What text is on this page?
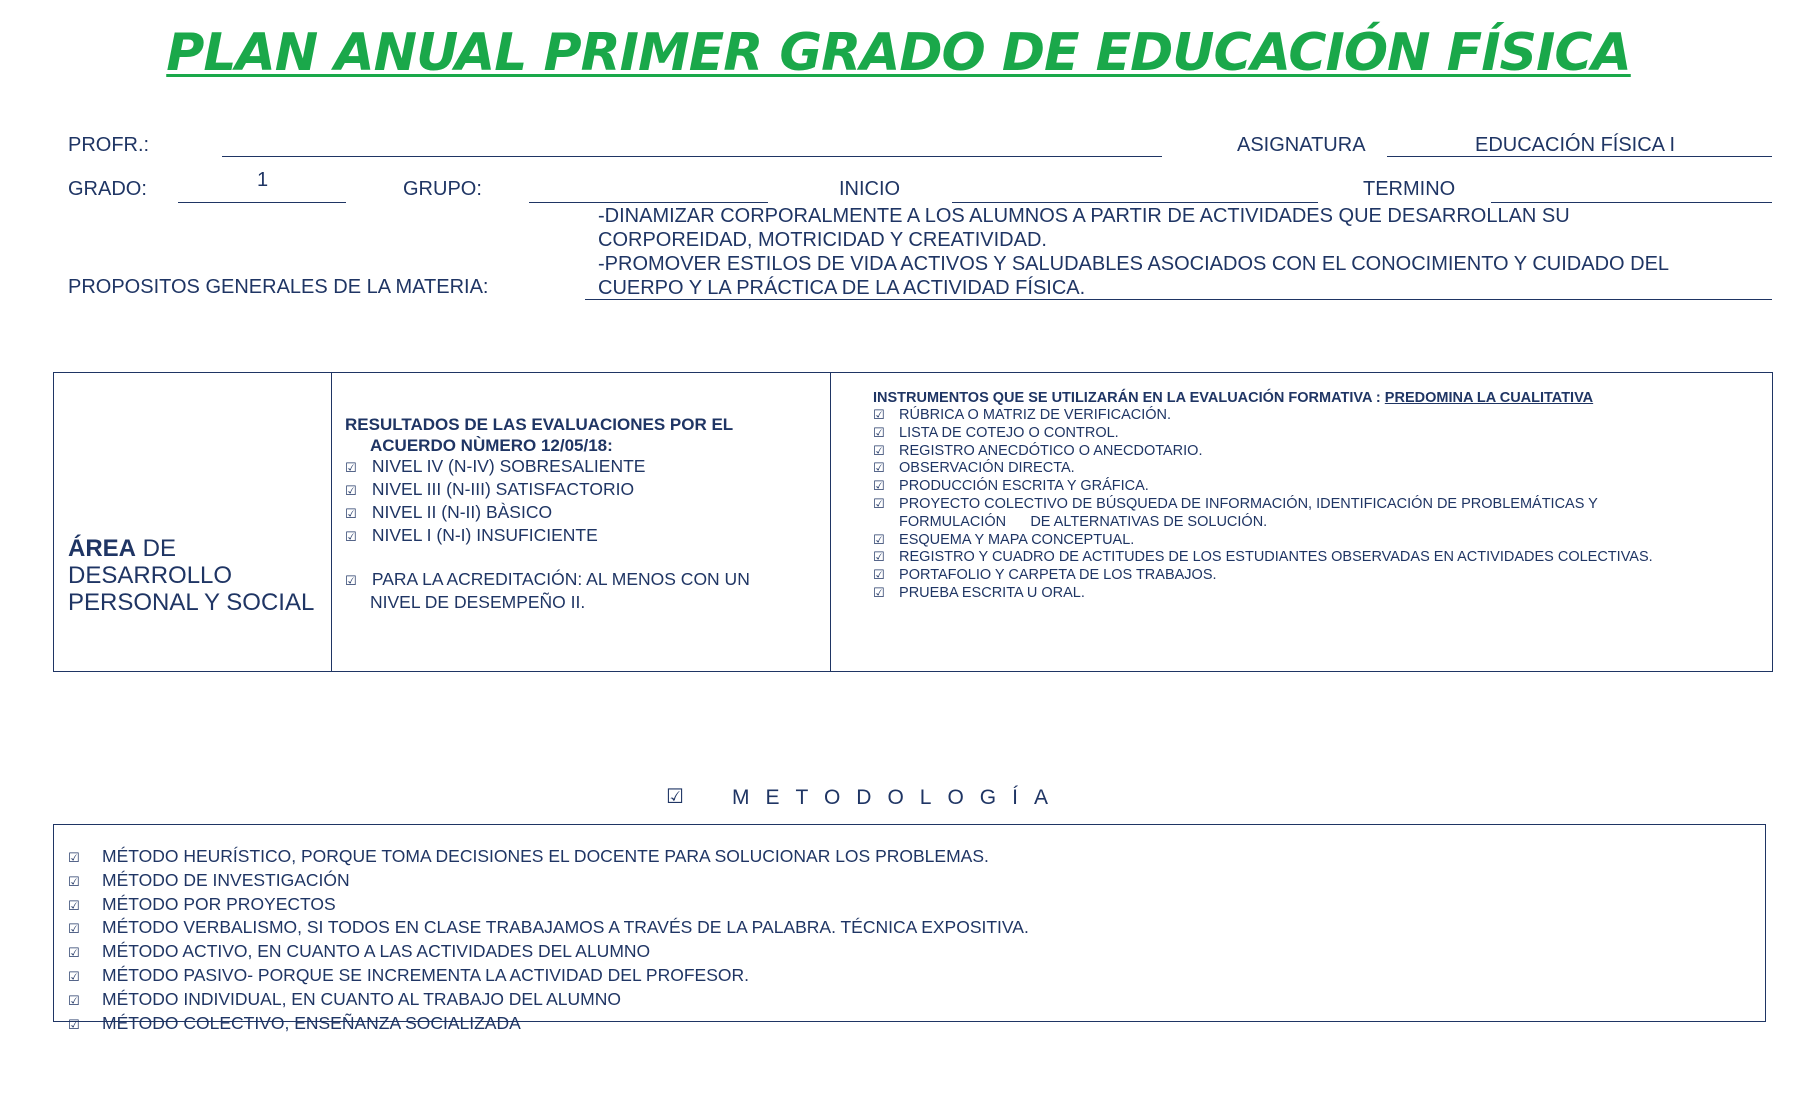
PLAN ANUAL PRIMER GRADO DE EDUCACIÓN FÍSICA
PROFR.:	ASIGNATURA	EDUCACIÓN FÍSICA I
GRADO:	1	GRUPO:	INICIO	TERMINO
PROPOSITOS GENERALES DE LA MATERIA:
-DINAMIZAR CORPORALMENTE A LOS ALUMNOS A PARTIR DE ACTIVIDADES QUE DESARROLLAN SU
CORPOREIDAD, MOTRICIDAD Y CREATIVIDAD.
-PROMOVER ESTILOS DE VIDA ACTIVOS Y SALUDABLES ASOCIADOS CON EL CONOCIMIENTO Y CUIDADO DEL
CUERPO Y LA PRÁCTICA DE LA ACTIVIDAD FÍSICA.
ÁREA DE
DESARROLLO
PERSONAL Y SOCIAL
RESULTADOS DE LAS EVALUACIONES POR EL
ACUERDO NÙMERO 12/05/18:
☑ NIVEL IV (N-IV) SOBRESALIENTE
☑ NIVEL III (N-III) SATISFACTORIO
☑ NIVEL II (N-II) BÀSICO
☑ NIVEL I (N-I) INSUFICIENTE
☑ PARA LA ACREDITACIÓN: AL MENOS CON UN
NIVEL DE DESEMPEÑO II.
INSTRUMENTOS QUE SE UTILIZARÁN EN LA EVALUACIÓN FORMATIVA : PREDOMINA LA CUALITATIVA
☑ RÚBRICA O MATRIZ DE VERIFICACIÓN.
☑ LISTA DE COTEJO O CONTROL.
☑ REGISTRO ANECDÓTICO O ANECDOTARIO.
☑ OBSERVACIÓN DIRECTA.
☑ PRODUCCIÓN ESCRITA Y GRÁFICA.
☑ PROYECTO COLECTIVO DE BÚSQUEDA DE INFORMACIÓN, IDENTIFICACIÓN DE PROBLEMÁTICAS Y
FORMULACIÓN      DE ALTERNATIVAS DE SOLUCIÓN.
☑ ESQUEMA Y MAPA CONCEPTUAL.
☑ REGISTRO Y CUADRO DE ACTITUDES DE LOS ESTUDIANTES OBSERVADAS EN ACTIVIDADES COLECTIVAS.
☑ PORTAFOLIO Y CARPETA DE LOS TRABAJOS.
☑ PRUEBA ESCRITA U ORAL.
☑ METODOLOGÍA
☑ MÉTODO HEURÍSTICO, PORQUE TOMA DECISIONES EL DOCENTE PARA SOLUCIONAR LOS PROBLEMAS.
☑ MÉTODO DE INVESTIGACIÓN
☑ MÉTODO POR PROYECTOS
☑ MÉTODO VERBALISMO, SI TODOS EN CLASE TRABAJAMOS A TRAVÉS DE LA PALABRA. TÉCNICA EXPOSITIVA.
☑ MÉTODO ACTIVO, EN CUANTO A LAS ACTIVIDADES DEL ALUMNO
☑ MÉTODO PASIVO- PORQUE SE INCREMENTA LA ACTIVIDAD DEL PROFESOR.
☑ MÉTODO INDIVIDUAL, EN CUANTO AL TRABAJO DEL ALUMNO
☑ MÉTODO COLECTIVO, ENSEÑANZA SOCIALIZADA
